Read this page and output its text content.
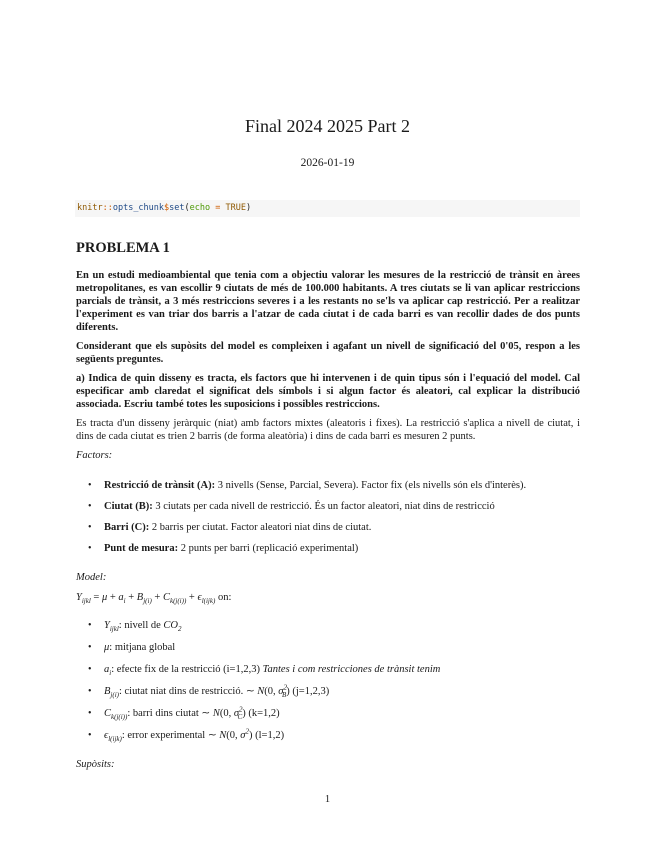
Final 2024 2025 Part 2
2026-01-19
knitr::opts_chunk$set(echo = TRUE)
PROBLEMA 1
En un estudi medioambiental que tenia com a objectiu valorar les mesures de la restricció de trànsit en àrees metropolitanes, es van escollir 9 ciutats de més de 100.000 habitants. A tres ciutats se li van aplicar restriccions parcials de trànsit, a 3 més restriccions severes i a les restants no se'ls va aplicar cap restricció. Per a realitzar l'experiment es van triar dos barris a l'atzar de cada ciutat i de cada barri es van recollir dades de dos punts diferents.
Considerant que els supòsits del model es compleixen i agafant un nivell de significació del 0'05, respon a les següents preguntes.
a) Indica de quin disseny es tracta, els factors que hi intervenen i de quin tipus són i l'equació del model. Cal especificar amb claredat el significat dels símbols i si algun factor és aleatori, cal explicar la distribució associada. Escriu també totes les suposicions i possibles restriccions.
Es tracta d'un disseny jeràrquic (niat) amb factors mixtes (aleatoris i fixes). La restricció s'aplica a nivell de ciutat, i dins de cada ciutat es trien 2 barris (de forma aleatòria) i dins de cada barri es mesuren 2 punts.
Factors:
• Restricció de trànsit (A): 3 nivells (Sense, Parcial, Severa). Factor fix (els nivells són els d'interès).
• Ciutat (B): 3 ciutats per cada nivell de restricció. És un factor aleatori, niat dins de restricció
• Barri (C): 2 barris per ciutat. Factor aleatori niat dins de ciutat.
• Punt de mesura: 2 punts per barri (replicació experimental)
Model:
$Y_{ijkl} = \mu + a_i + B_{j(i)} + C_{k(j(i))} + \epsilon_{l(ijk)}$ on:
• $Y_{ijkl}$: nivell de $CO_2$
• μ: mitjana global
• $a_i$: efecte fix de la restricció (i=1,2,3) Tantes i com restricciones de trànsit tenim
• $B_{j(i)}$: ciutat niat dins de restricció. ∼ N(0, $\sigma^2_B$) (j=1,2,3)
• $C_{k(j(i))}$: barri dins ciutat ∼ N(0, $\sigma^2_C$) (k=1,2)
• $\epsilon_{l(ijk)}$: error experimental ∼ N(0, $\sigma^2$) (l=1,2)
Supòsits:
1
